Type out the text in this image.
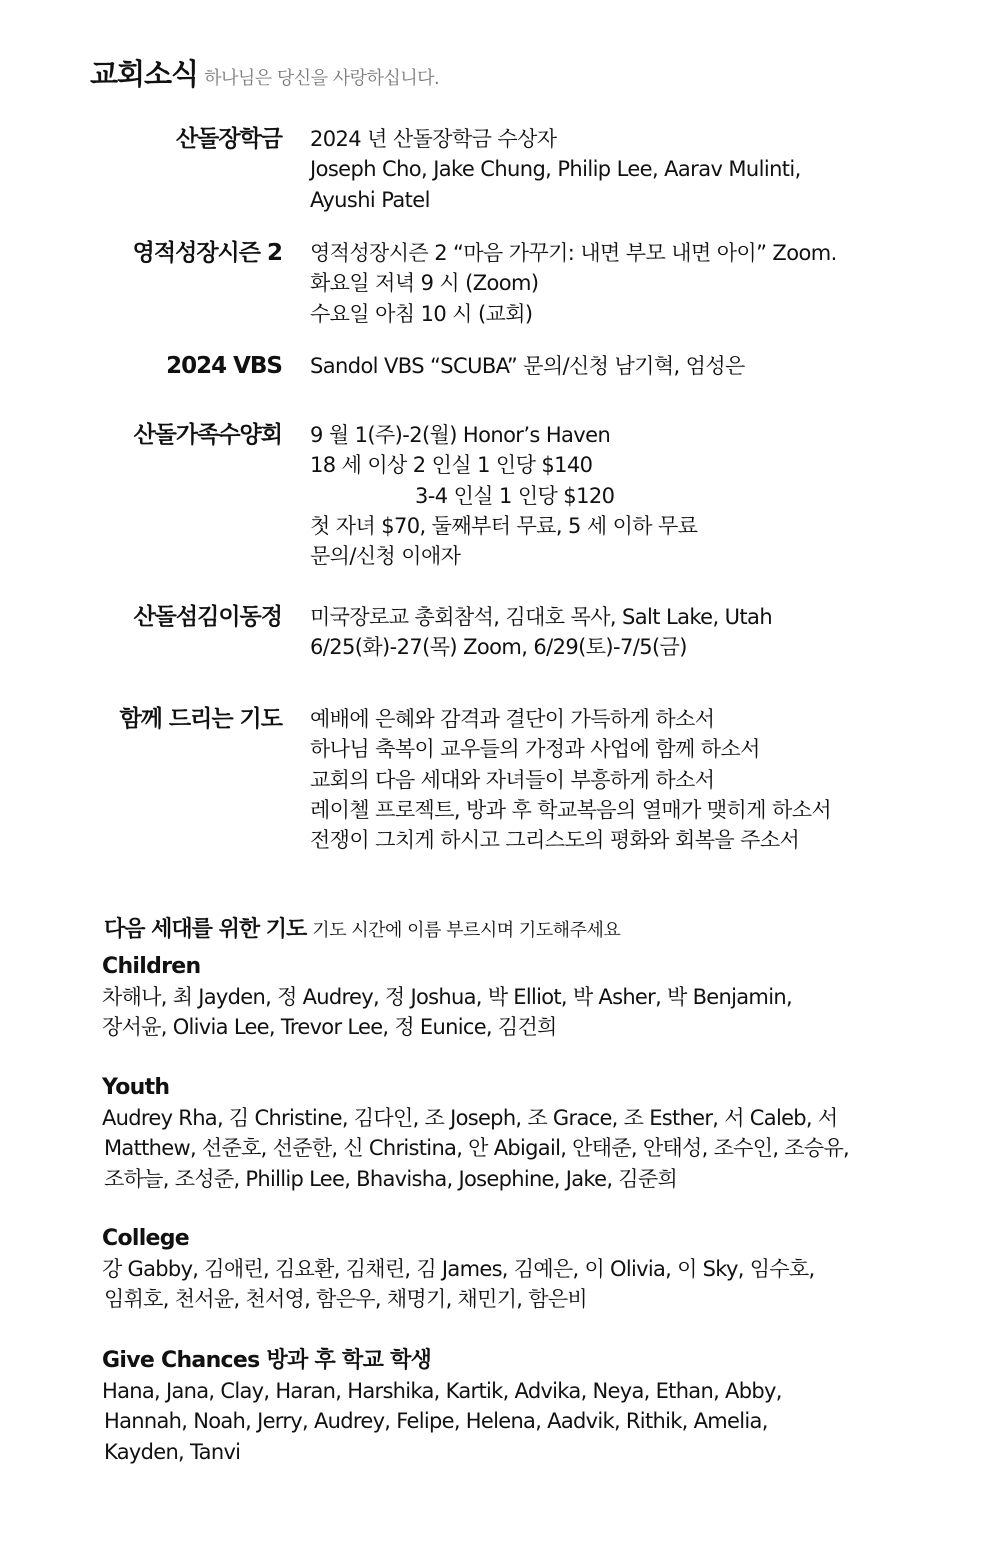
교회소식 하나님은 당신을 사랑하십니다.
산돌장학금 2024 년 산돌장학금 수상자
Joseph Cho, Jake Chung, Philip Lee, Aarav Mulinti,
Ayushi Patel
영적성장시즌 2 영적성장시즌 2 “마음 가꾸기: 내면 부모 내면 아이” Zoom.
화요일 저녁 9 시 (Zoom)
수요일 아침 10 시 (교회)
2024 VBS Sandol VBS “SCUBA” 문의/신청 남기혁, 엄성은
산돌가족수양회 9 월 1(주)-2(월) Honor’s Haven
18 세 이상 2 인실 1 인당 $140
3-4 인실 1 인당 $120
첫 자녀 $70, 둘째부터 무료, 5 세 이하 무료
문의/신청 이애자
산돌섬김이동정 미국장로교 총회참석, 김대호 목사, Salt Lake, Utah
6/25(화)-27(목) Zoom, 6/29(토)-7/5(금)
함께 드리는 기도 예배에 은혜와 감격과 결단이 가득하게 하소서
하나님 축복이 교우들의 가정과 사업에 함께 하소서
교회의 다음 세대와 자녀들이 부흥하게 하소서
레이첼 프로젝트, 방과 후 학교복음의 열매가 맺히게 하소서
전쟁이 그치게 하시고 그리스도의 평화와 회복을 주소서
다음 세대를 위한 기도 기도 시간에 이름 부르시며 기도해주세요
Children
차해나, 최 Jayden, 정 Audrey, 정 Joshua, 박 Elliot, 박 Asher, 박 Benjamin,
장서윤, Olivia Lee, Trevor Lee, 정 Eunice, 김건희
Youth
Audrey Rha, 김 Christine, 김다인, 조 Joseph, 조 Grace, 조 Esther, 서 Caleb, 서
Matthew, 선준호, 선준한, 신 Christina, 안 Abigail, 안태준, 안태성, 조수인, 조승유,
조하늘, 조성준, Phillip Lee, Bhavisha, Josephine, Jake, 김준희
College
강 Gabby, 김애린, 김요환, 김채린, 김 James, 김예은, 이 Olivia, 이 Sky, 임수호,
임휘호, 천서윤, 천서영, 함은우, 채명기, 채민기, 함은비
Give Chances 방과 후 학교 학생
Hana, Jana, Clay, Haran, Harshika, Kartik, Advika, Neya, Ethan, Abby,
Hannah, Noah, Jerry, Audrey, Felipe, Helena, Aadvik, Rithik, Amelia,
Kayden, Tanvi
